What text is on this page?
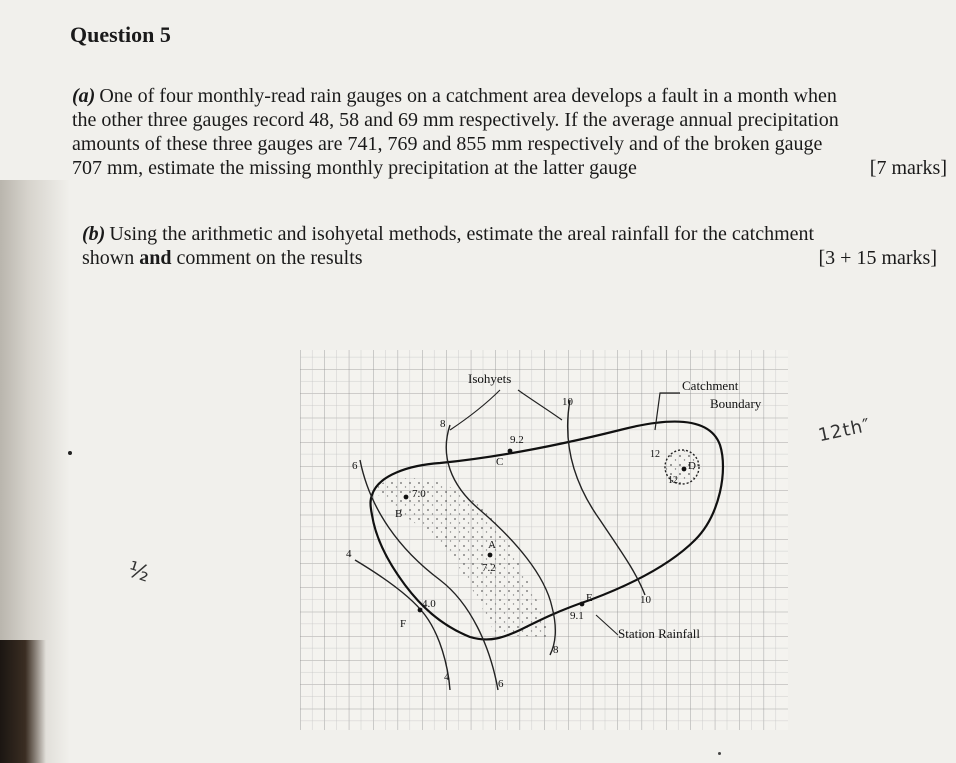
Question 5
(a) One of four monthly-read rain gauges on a catchment area develops a fault in a month when
the other three gauges record 48, 58 and 69 mm respectively. If the average annual precipitation
amounts of these three gauges are 741, 769 and 855 mm respectively and of the broken gauge
707 mm, estimate the missing monthly precipitation at the latter gauge	[7 marks]
(b) Using the arithmetic and isohyetal methods, estimate the areal rainfall for the catchment
shown and comment on the results	[3 + 15 marks]
12th″
½
Isohyets	Catchment
Boundary
Station Rainfall
A
7.2
B
7.0
C
9.2
D
12
E
9.1
F
4.0
4
4
6
6
8
8
10
10
12
